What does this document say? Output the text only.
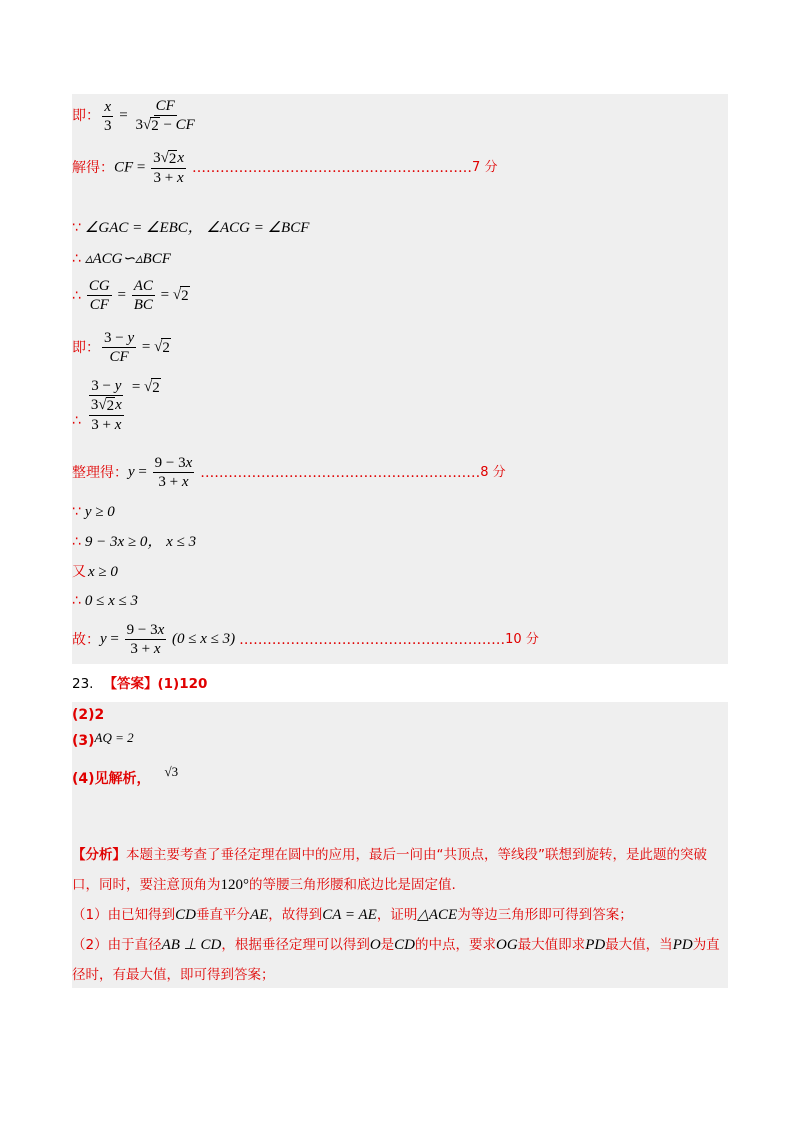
即： $\frac{x}{3} = \frac{CF}{3 √ 2 - CF}$
解得： CF = $\frac{3 √ 2 x}{3 + x}$ …………………………………………………… 7 分
∵ ∠GAC = ∠EBC， ∠ACG = ∠BCF
∴ ▵ACG∽▵BCF
∴ $\frac{CG}{CF} = \frac{AC}{BC}$ = √ 2
即： $\frac{3 - y}{CF}$ = √ 2
∴ $\frac{3 - y}{\frac{3 √ 2 x}{3 + x}}$ = √ 2
整理得： $y = \frac{9 - 3x}{3 + x}$ …………………………………………………… 8 分
∵ y ≥ 0
∴ 9 − 3x ≥ 0， x ≤ 3
又 x ≥ 0
∴ 0 ≤ x ≤ 3
故： $y = \frac{9 - 3x}{3 + x} (0 \le x \le 3)$ ………………………………………………… 10 分
23. 【答案】 (1)120
(2)2
(3) AQ = 2
(4)见解析， √3
【分析】本题主要考查了垂径定理在圆中的应用，最后一问由“共顶点，等线段”联想到旋转，是此题的突破口，同时，要注意顶角为120°的等腰三角形腰和底边比是固定值.
（1）由已知得到CD垂直平分AE，故得到CA = AE，证明△ACE为等边三角形即可得到答案；
（2）由于直径AB ⊥ CD，根据垂径定理可以得到O是CD的中点，要求OG最大值即求PD最大值，当PD为直径时，有最大值，即可得到答案；
